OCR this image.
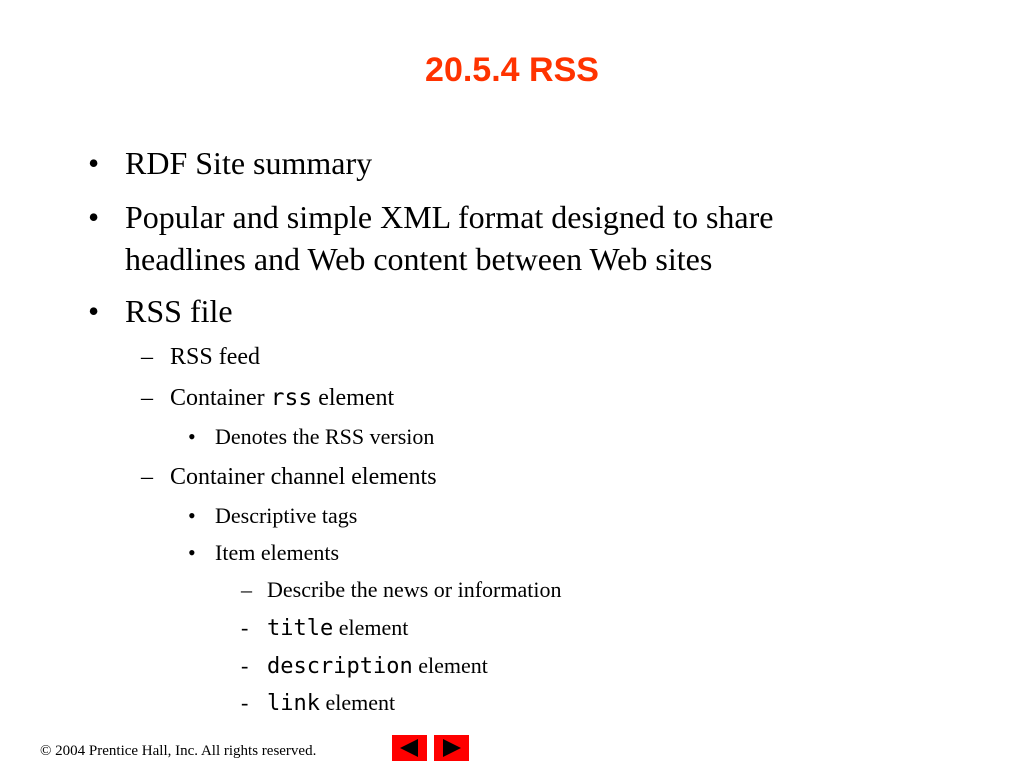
20.5.4 RSS
• RDF Site summary
• Popular and simple XML format designed to share
headlines and Web content between Web sites
• RSS file
– RSS feed
– Container rss element
• Denotes the RSS version
– Container channel elements
• Descriptive tags
• Item elements
– Describe the news or information
- title element
- description element
- link element
© 2004 Prentice Hall, Inc. All rights reserved.
